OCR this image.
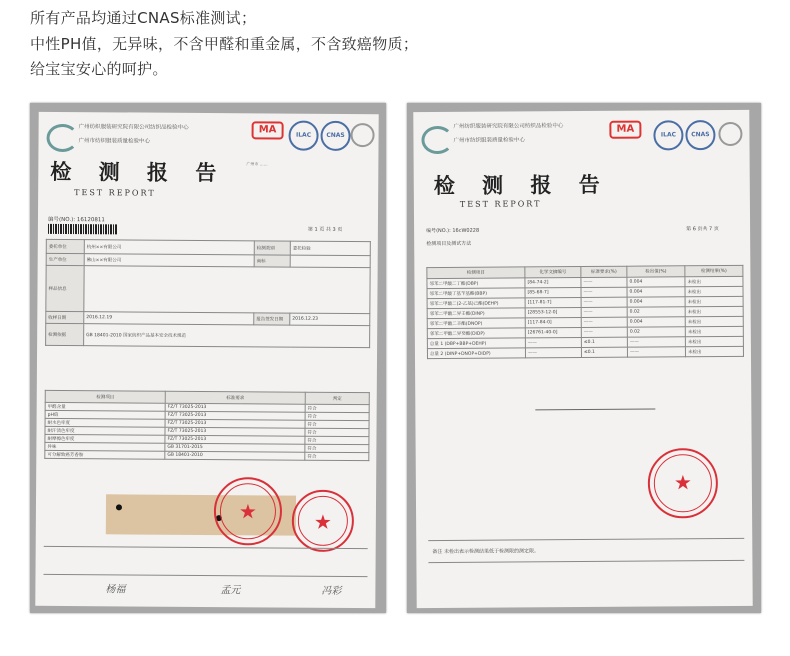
所有产品均通过CNAS标准测试；

中性PH值，无异味，不含甲醛和重金属，不含致癌物质；

给宝宝安心的呵护。

广州纺织服装研究院有限公司纺织品检验中心
广州市纺织服装质量检验中心
MA	ILAC	CNAS
广州市 ……
检 测 报 告
TEST REPORT
编号(NO.): 16120811
第 1 页 共 3 页
委托单位	杭州××有限公司	检测类别	委托检验
生产单位	佛山××有限公司	商标	
样品信息			
收样日期	2016.12.19	报告签发日期	2016.12.23
检测依据	GB 18401-2010 国家纺织产品基本安全技术规范		
检测项目	标准要求	判定
甲醛含量	FZ/T 73025-2013	符合
pH值	FZ/T 73025-2013	符合
耐水色牢度	FZ/T 73025-2013	符合
耐汗渍色牢度	FZ/T 73025-2013	符合
耐摩擦色牢度	FZ/T 73025-2013	符合
异味	GB 31701-2015	符合
可分解致癌芳香胺	GB 18401-2010	符合
★	★
杨福	孟元	冯彩
广州纺织服装研究院有限公司纺织品检验中心
广州市纺织服装质量检验中心
MA
ILAC	CNAS
检 测 报 告
TEST REPORT
编号(NO.): 16cW0228	第 6 页共 7 页
检测项目及测试方法
检测项目	化学文摘编号	标准要求(%)	检出值(%)	检测结果(%)
邻苯二甲酸二丁酯(DBP)	[84-74-2]	——	0.004	未检出
邻苯二甲酸丁基苄基酯(BBP)	[85-68-7]	——	0.004	未检出
邻苯二甲酸二(2-乙基)己酯(DEHP)	[117-81-7]	——	0.004	未检出
邻苯二甲酸二异壬酯(DINP)	[28553-12-0]	——	0.02	未检出
邻苯二甲酸二辛酯(DNOP)	[117-84-0]	——	0.004	未检出
邻苯二甲酸二异癸酯(DIDP)	[26761-40-0]	——	0.02	未检出
总量 1 (DBP+BBP+DEHP)	——	≤0.1	——	未检出
总量 2 (DINP+DNOP+DIDP)	——	≤0.1	——	未检出
★
备注 未检出表示检测结果低于检测限的测定限。
